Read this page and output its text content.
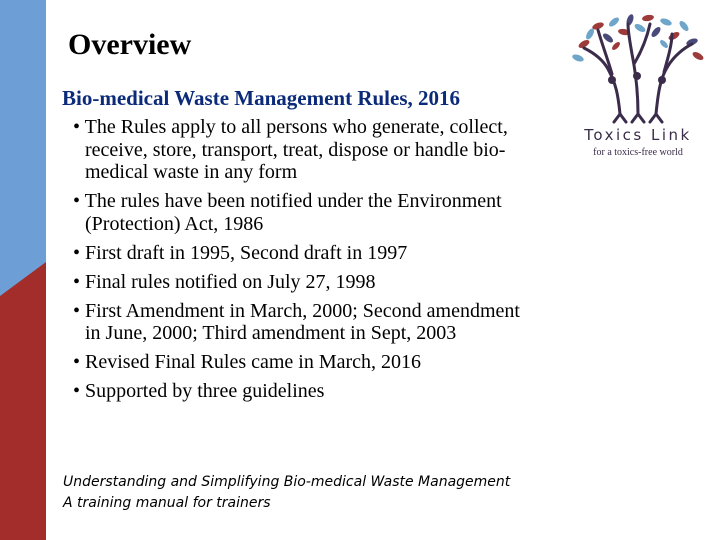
Overview
Bio-medical Waste Management Rules, 2016
• The Rules apply to all persons who generate, collect, receive, store, transport, treat, dispose or handle bio-medical waste in any form
• The rules have been notified under the Environment (Protection) Act, 1986
• First draft in 1995, Second draft in 1997
• Final rules notified on July 27, 1998
• First Amendment in March, 2000; Second amendment in June, 2000; Third amendment in Sept, 2003
• Revised Final Rules came in March, 2016
• Supported by three guidelines
Understanding and Simplifying Bio-medical Waste Management
A training manual for trainers
Toxics Link
for a toxics-free world
